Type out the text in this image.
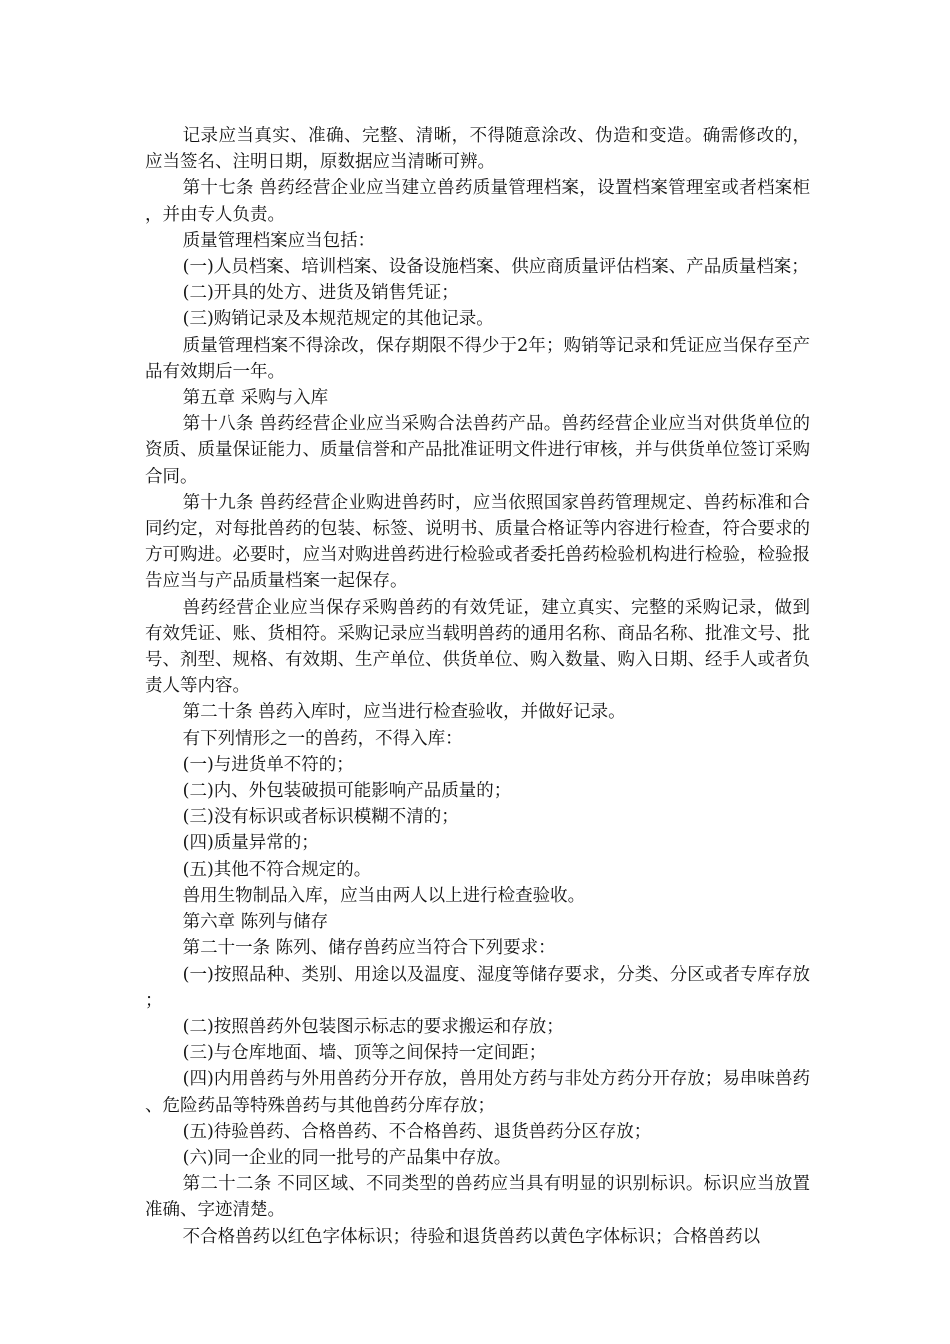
记录应当真实、准确、完整、清晰，不得随意涂改、伪造和变造。确需修改的，应当签名、注明日期，原数据应当清晰可辨。

第十七条 兽药经营企业应当建立兽药质量管理档案，设置档案管理室或者档案柜，并由专人负责。

质量管理档案应当包括：

(一)人员档案、培训档案、设备设施档案、供应商质量评估档案、产品质量档案；

(二)开具的处方、进货及销售凭证；

(三)购销记录及本规范规定的其他记录。

质量管理档案不得涂改，保存期限不得少于2年；购销等记录和凭证应当保存至产品有效期后一年。

第五章 采购与入库

第十八条 兽药经营企业应当采购合法兽药产品。兽药经营企业应当对供货单位的资质、质量保证能力、质量信誉和产品批准证明文件进行审核，并与供货单位签订采购合同。

第十九条 兽药经营企业购进兽药时，应当依照国家兽药管理规定、兽药标准和合同约定，对每批兽药的包装、标签、说明书、质量合格证等内容进行检查，符合要求的方可购进。必要时，应当对购进兽药进行检验或者委托兽药检验机构进行检验，检验报告应当与产品质量档案一起保存。

兽药经营企业应当保存采购兽药的有效凭证，建立真实、完整的采购记录，做到有效凭证、账、货相符。采购记录应当载明兽药的通用名称、商品名称、批准文号、批号、剂型、规格、有效期、生产单位、供货单位、购入数量、购入日期、经手人或者负责人等内容。

第二十条 兽药入库时，应当进行检查验收，并做好记录。

有下列情形之一的兽药，不得入库：

(一)与进货单不符的；

(二)内、外包装破损可能影响产品质量的；

(三)没有标识或者标识模糊不清的；

(四)质量异常的；

(五)其他不符合规定的。

兽用生物制品入库，应当由两人以上进行检查验收。

第六章 陈列与储存

第二十一条 陈列、储存兽药应当符合下列要求：

(一)按照品种、类别、用途以及温度、湿度等储存要求，分类、分区或者专库存放；

(二)按照兽药外包装图示标志的要求搬运和存放；

(三)与仓库地面、墙、顶等之间保持一定间距；

(四)内用兽药与外用兽药分开存放，兽用处方药与非处方药分开存放；易串味兽药、危险药品等特殊兽药与其他兽药分库存放；

(五)待验兽药、合格兽药、不合格兽药、退货兽药分区存放；

(六)同一企业的同一批号的产品集中存放。

第二十二条 不同区域、不同类型的兽药应当具有明显的识别标识。标识应当放置准确、字迹清楚。

不合格兽药以红色字体标识；待验和退货兽药以黄色字体标识；合格兽药以
